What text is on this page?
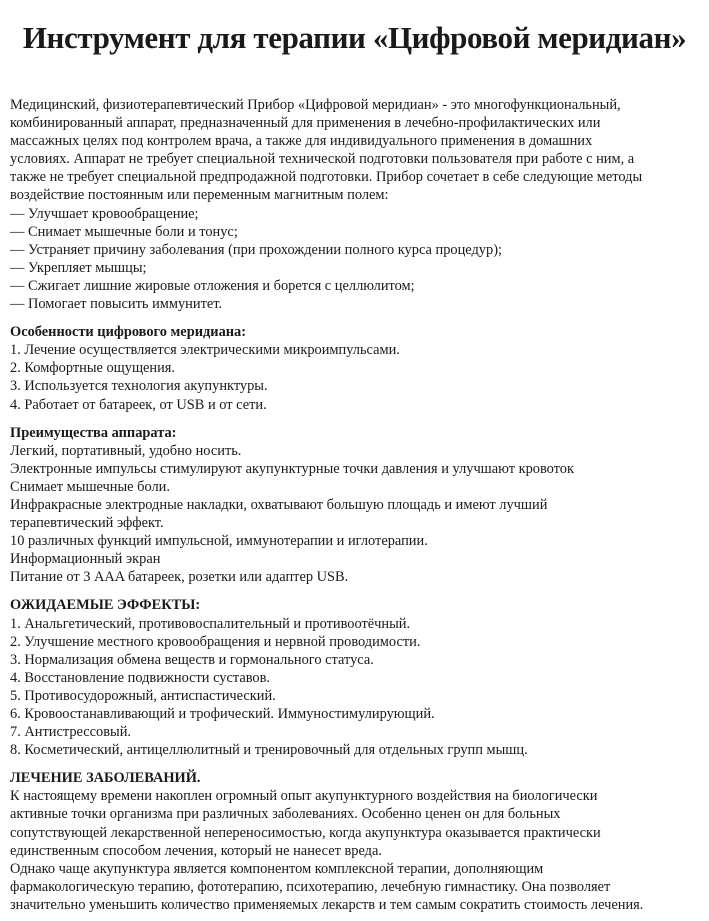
Инструмент для терапии «Цифровой меридиан»
Медицинский, физиотерапевтический Прибор «Цифровой меридиан» - это многофункциональный,
комбинированный аппарат, предназначенный для применения в лечебно-профилактических или
массажных целях под контролем врача, а также для индивидуального применения в домашних
условиях. Аппарат не требует специальной технической подготовки пользователя при работе с ним, а
также не требует специальной предпродажной подготовки. Прибор сочетает в себе следующие методы
воздействие постоянным или переменным магнитным полем:
— Улучшает кровообращение;
— Снимает мышечные боли и тонус;
— Устраняет причину заболевания (при прохождении полного курса процедур);
— Укрепляет мышцы;
— Сжигает лишние жировые отложения и борется с целлюлитом;
— Помогает повысить иммунитет.
Особенности цифрового меридиана:
1. Лечение осуществляется электрическими микроимпульсами.
2. Комфортные ощущения.
3. Используется технология акупунктуры.
4. Работает от батареек, от USB и от сети.
Преимущества аппарата:
Легкий, портативный, удобно носить.
Электронные импульсы стимулируют акупунктурные точки давления и улучшают кровоток
Снимает мышечные боли.
Инфракрасные электродные накладки, охватывают большую площадь и имеют лучший
терапевтический эффект.
10 различных функций импульсной, иммунотерапии и иглотерапии.
Информационный экран
Питание от 3 AAA батареек, розетки или адаптер USB.
ОЖИДАЕМЫЕ ЭФФЕКТЫ:
1. Анальгетический, противовоспалительный и противоотёчный.
2. Улучшение местного кровообращения и нервной проводимости.
3. Нормализация обмена веществ и гормонального статуса.
4. Восстановление подвижности суставов.
5. Противосудорожный, антиспастический.
6. Кровоостанавливающий и трофический. Иммуностимулирующий.
7. Антистрессовый.
8. Косметический, антицеллюлитный и тренировочный для отдельных групп мышц.
ЛЕЧЕНИЕ ЗАБОЛЕВАНИЙ.
К настоящему времени накоплен огромный опыт акупунктурного воздействия на биологически
активные точки организма при различных заболеваниях. Особенно ценен он для больных
сопутствующей лекарственной непереносимостью, когда акупунктура оказывается практически
единственным способом лечения, который не нанесет вреда.
Однако чаще акупунктура является компонентом комплексной терапии, дополняющим
фармакологическую терапию, фототерапию, психотерапию, лечебную гимнастику. Она позволяет
значительно уменьшить количество применяемых лекарств и тем самым сократить стоимость лечения.
